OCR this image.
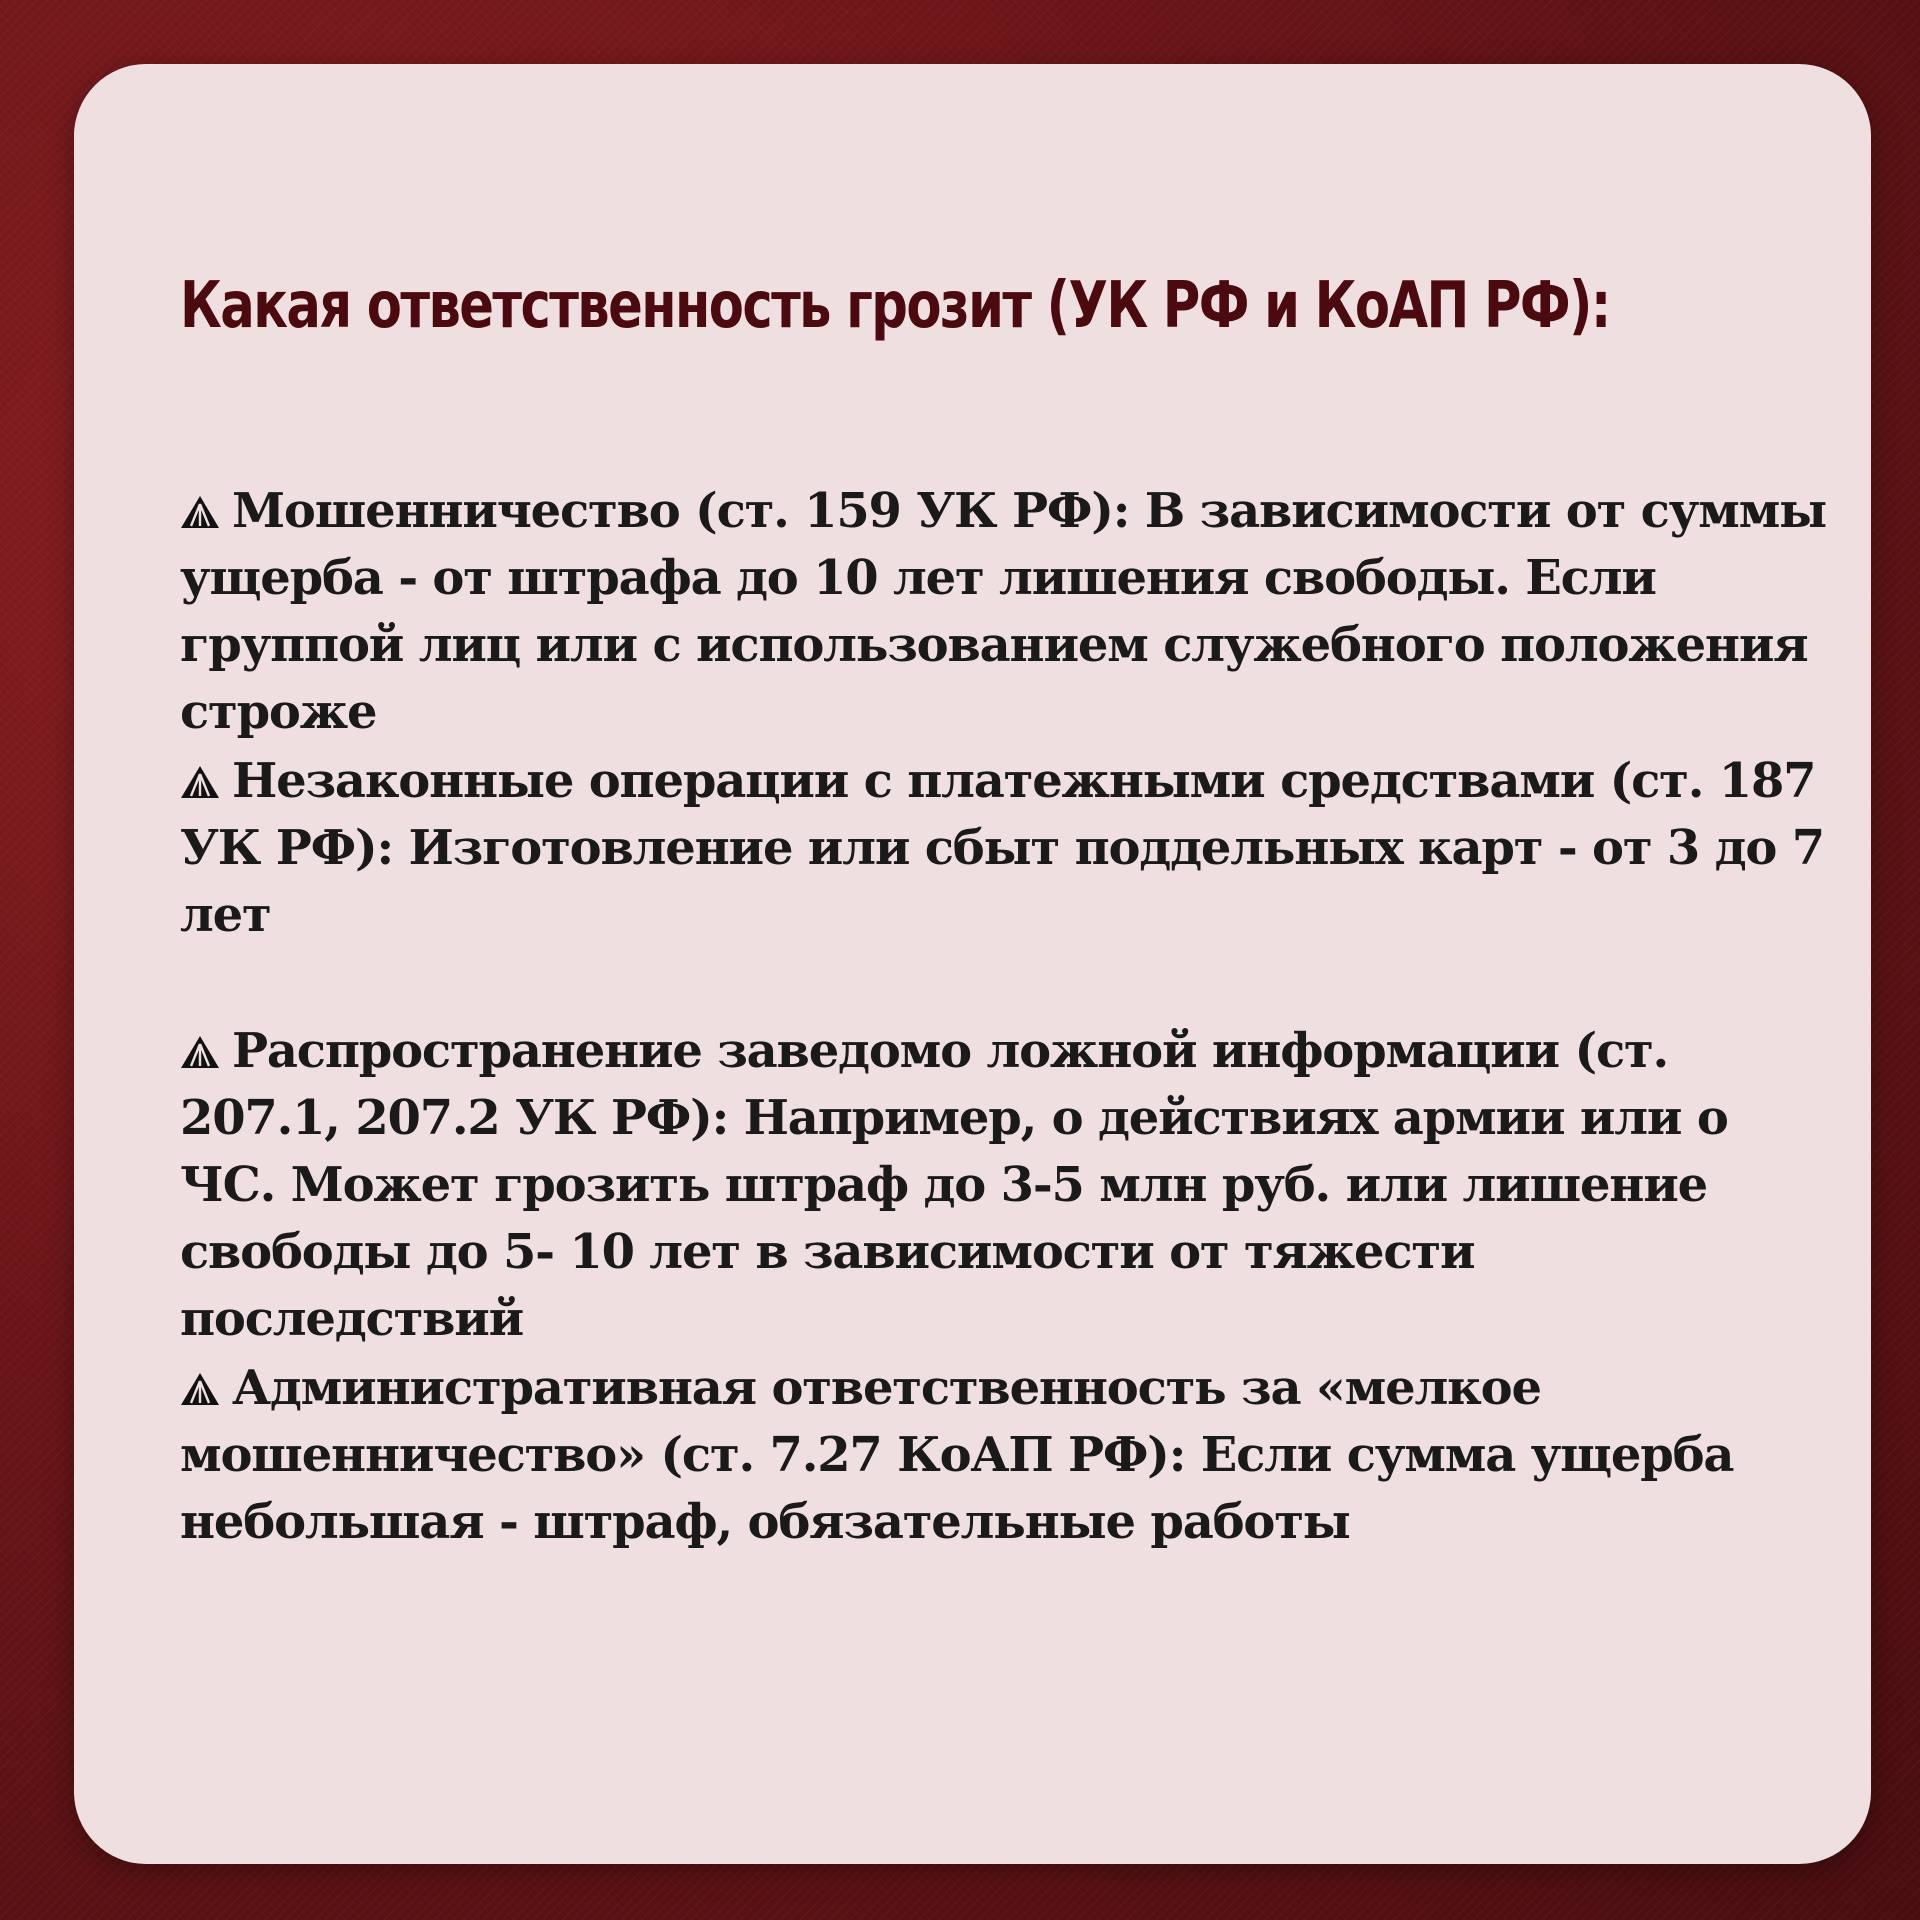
Какая ответственность грозит (УК РФ и КоАП РФ):

Мошенничество (ст. 159 УК РФ): В зависимости от суммы ущерба - от штрафа до 10 лет лишения свободы. Если группой лиц или с использованием служебного положения строже

Незаконные операции с платежными средствами (ст. 187 УК РФ): Изготовление или сбыт поддельных карт - от 3 до 7 лет

Распространение заведомо ложной информации (ст. 207.1, 207.2 УК РФ): Например, о действиях армии или о ЧС. Может грозить штраф до 3-5 млн руб. или лишение свободы до 5- 10 лет в зависимости от тяжести последствий

Административная ответственность за «мелкое мошенничество» (ст. 7.27 КоАП РФ): Если сумма ущерба небольшая - штраф, обязательные работы
